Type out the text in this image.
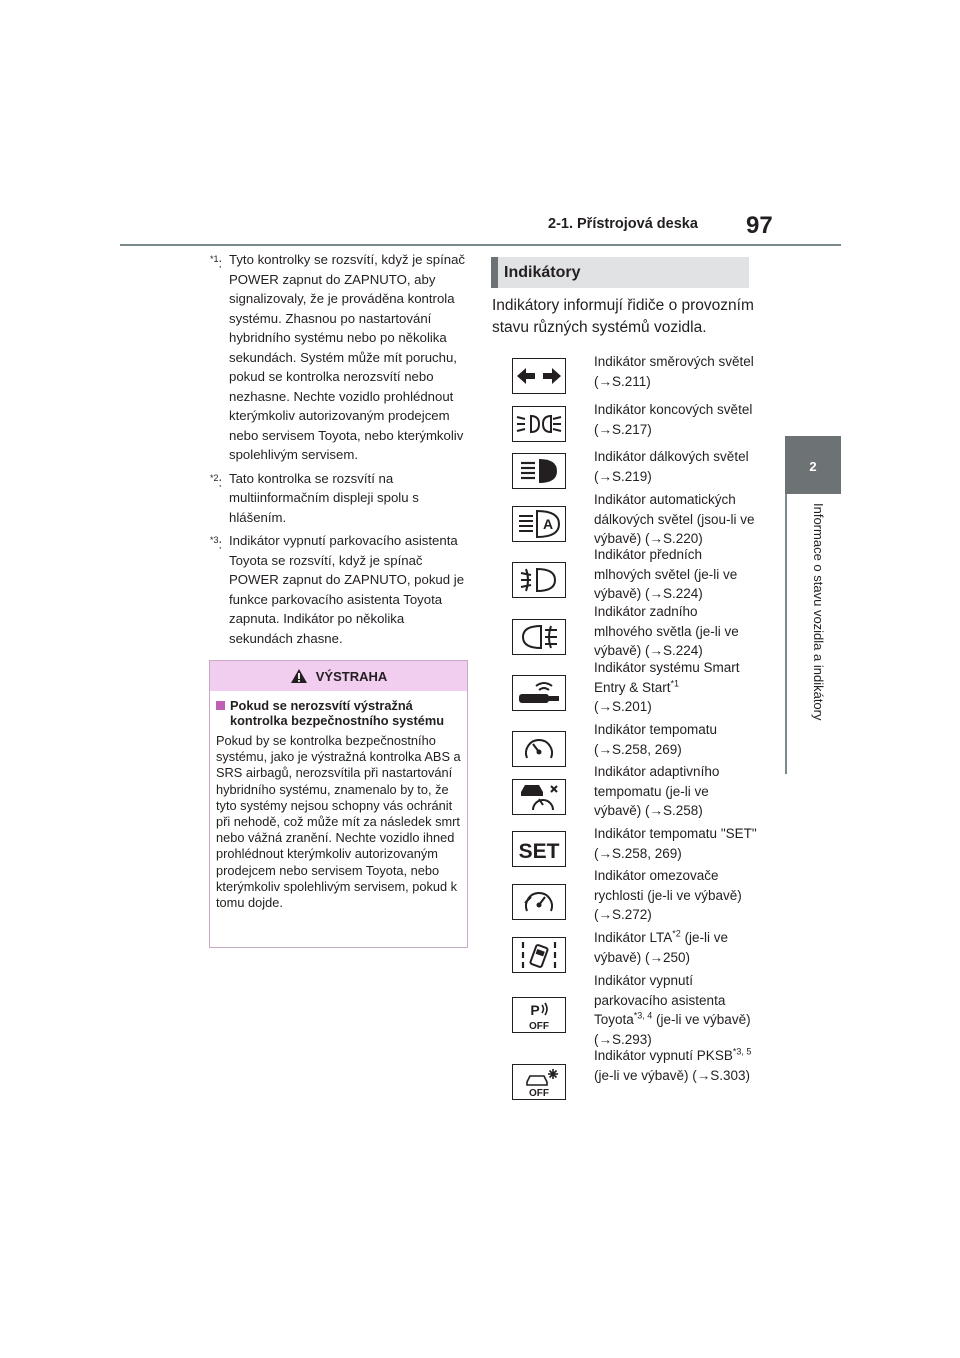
2-1. Přístrojová deska 97
2
Informace o stavu vozidla a indikátory
$^{*1}$: Tyto kontrolky se rozsvítí, když je spínač POWER zapnut do ZAPNUTO, aby signalizovaly, že je prováděna kontrola systému. Zhasnou po nastartování hybridního systému nebo po několika sekundách. Systém může mít poruchu, pokud se kontrolka nerozsvítí nebo nezhasne. Nechte vozidlo prohlédnout kterýmkoliv autorizovaným prodejcem nebo servisem Toyota, nebo kterýmkoliv spolehlivým servisem.
$^{*2}$: Tato kontrolka se rozsvítí na multiinformačním displeji spolu s hlášením.
$^{*3}$: Indikátor vypnutí parkovacího asistenta Toyota se rozsvítí, když je spínač POWER zapnut do ZAPNUTO, pokud je funkce parkovacího asistenta Toyota zapnuta. Indikátor po několika sekundách zhasne.
VÝSTRAHA
Pokud se nerozsvítí výstražná kontrolka bezpečnostního systému
Pokud by se kontrolka bezpečnostního systému, jako je výstražná kontrolka ABS a SRS airbagů, nerozsvítila při nastartování hybridního systému, znamenalo by to, že tyto systémy nejsou schopny vás ochránit při nehodě, což může mít za následek smrt nebo vážná zranění. Nechte vozidlo ihned prohlédnout kterýmkoliv autorizovaným prodejcem nebo servisem Toyota, nebo kterýmkoliv spolehlivým servisem, pokud k tomu dojde.
Indikátory
Indikátory informují řidiče o provozním stavu různých systémů vozidla.
Indikátor směrových světel (→S.211)
Indikátor koncových světel (→S.217)
Indikátor dálkových světel (→S.219)
A
Indikátor automatických dálkových světel (jsou-li ve výbavě) (→S.220)
Indikátor předních mlhových světel (je-li ve výbavě) (→S.224)
Indikátor zadního mlhového světla (je-li ve výbavě) (→S.224)
Indikátor systému Smart Entry & Start$^{*1}$
(→S.201)
Indikátor tempomatu (→S.258, 269)
Indikátor adaptivního tempomatu (je-li ve výbavě) (→S.258)
SET
Indikátor tempomatu "SET" (→S.258, 269)
Indikátor omezovače rychlosti (je-li ve výbavě) (→S.272)
Indikátor LTA$^{*2}$ (je-li ve výbavě) (→250)
P
OFF
Indikátor vypnutí parkovacího asistenta Toyota$^{*3, 4}$ (je-li ve výbavě) (→S.293)
OFF
Indikátor vypnutí PKSB$^{*3, 5}$ (je-li ve výbavě) (→S.303)
